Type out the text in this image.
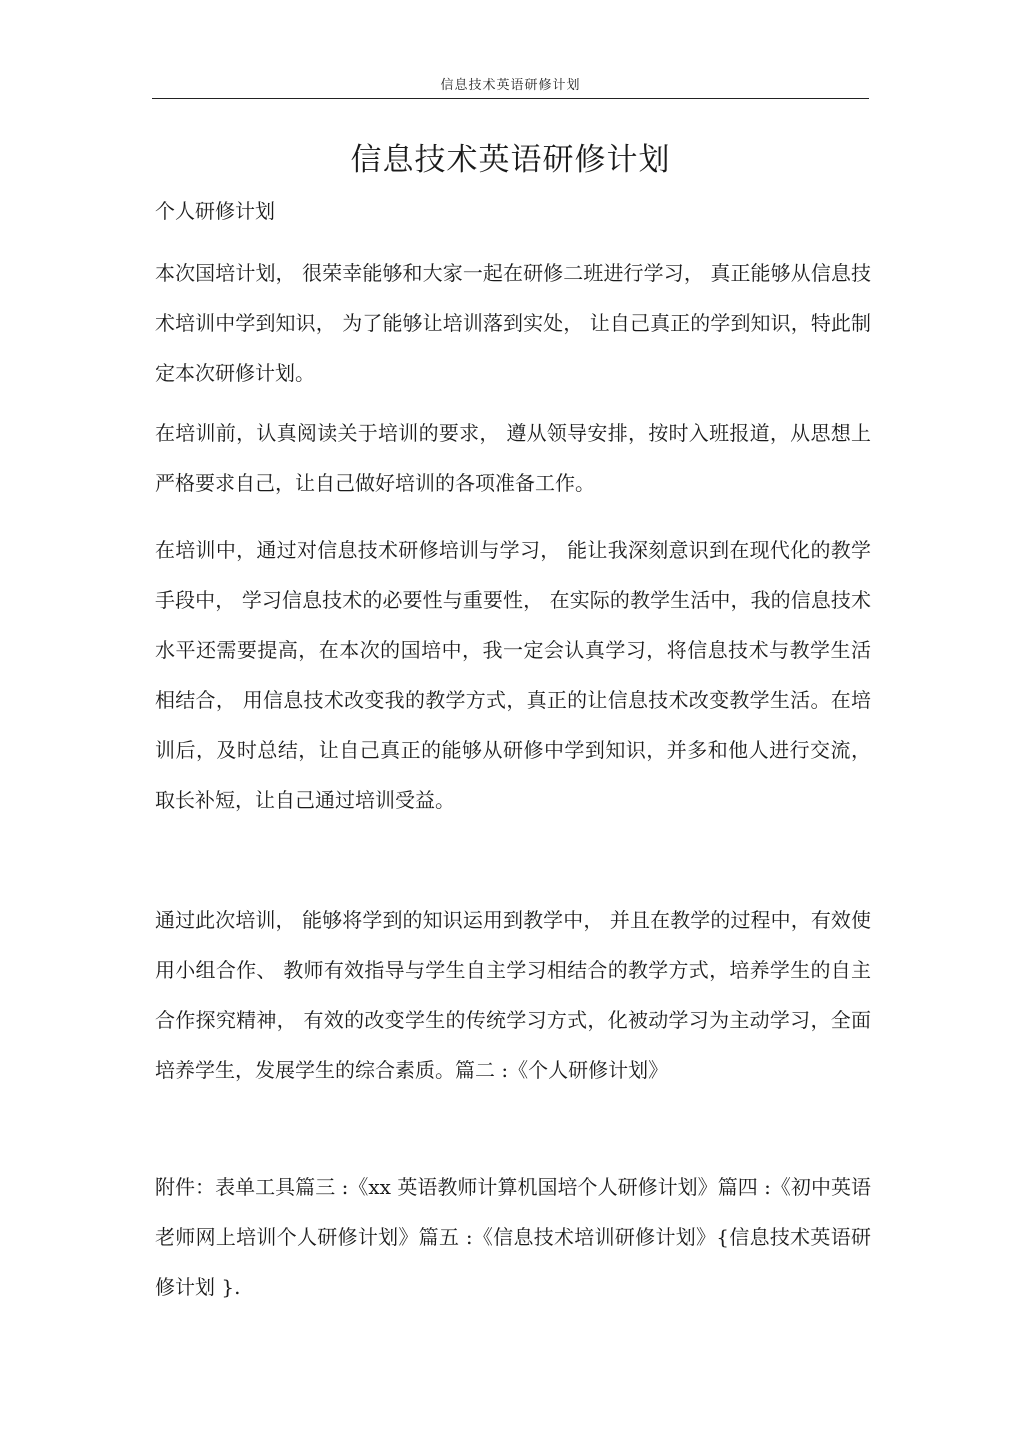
信息技术英语研修计划
信息技术英语研修计划
个人研修计划

本次国培计划， 很荣幸能够和大家一起在研修二班进行学习， 真正能够从信息技术培训中学到知识， 为了能够让培训落到实处， 让自己真正的学到知识，特此制定本次研修计划。

在培训前，认真阅读关于培训的要求， 遵从领导安排，按时入班报道，从思想上严格要求自己，让自己做好培训的各项准备工作。

在培训中，通过对信息技术研修培训与学习， 能让我深刻意识到在现代化的教学手段中， 学习信息技术的必要性与重要性， 在实际的教学生活中，我的信息技术水平还需要提高，在本次的国培中，我一定会认真学习，将信息技术与教学生活相结合， 用信息技术改变我的教学方式，真正的让信息技术改变教学生活。在培训后，及时总结，让自己真正的能够从研修中学到知识，并多和他人进行交流，取长补短，让自己通过培训受益。

通过此次培训， 能够将学到的知识运用到教学中， 并且在教学的过程中，有效使用小组合作、 教师有效指导与学生自主学习相结合的教学方式，培养学生的自主合作探究精神， 有效的改变学生的传统学习方式，化被动学习为主动学习，全面培养学生，发展学生的综合素质。篇二 :《个人研修计划》

附件：表单工具篇三 :《xx 英语教师计算机国培个人研修计划》篇四 :《初中英语老师网上培训个人研修计划》篇五 :《信息技术培训研修计划》{信息技术英语研修计划 }.
